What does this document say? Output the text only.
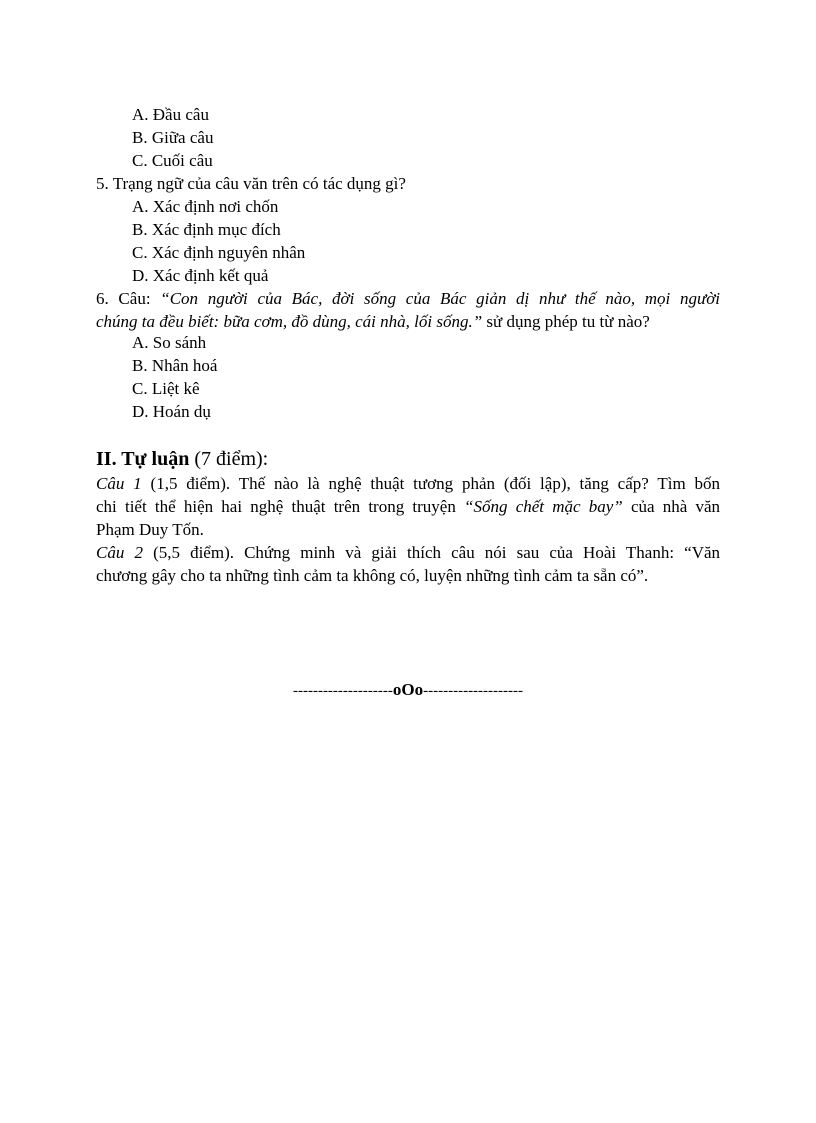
A. Đầu câu
B. Giữa câu
C. Cuối câu
5. Trạng ngữ của câu văn trên có tác dụng gì?
A. Xác định nơi chốn
B. Xác định mục đích
C. Xác định nguyên nhân
D. Xác định kết quả
6. Câu: “Con người của Bác, đời sống của Bác giản dị như thế nào, mọi người
chúng ta đều biết: bữa cơm, đồ dùng, cái nhà, lối sống.” sử dụng phép tu từ nào?
A. So sánh
B. Nhân hoá
C. Liệt kê
D. Hoán dụ
II. Tự luận (7 điểm):
Câu 1 (1,5 điểm). Thế nào là nghệ thuật tương phản (đối lập), tăng cấp? Tìm bốn
chi tiết thể hiện hai nghệ thuật trên trong truyện “Sống chết mặc bay” của nhà văn
Phạm Duy Tốn.
Câu 2 (5,5 điểm). Chứng minh và giải thích câu nói sau của Hoài Thanh: “Văn
chương gây cho ta những tình cảm ta không có, luyện những tình cảm ta sẵn có”.
--------------------oOo--------------------
